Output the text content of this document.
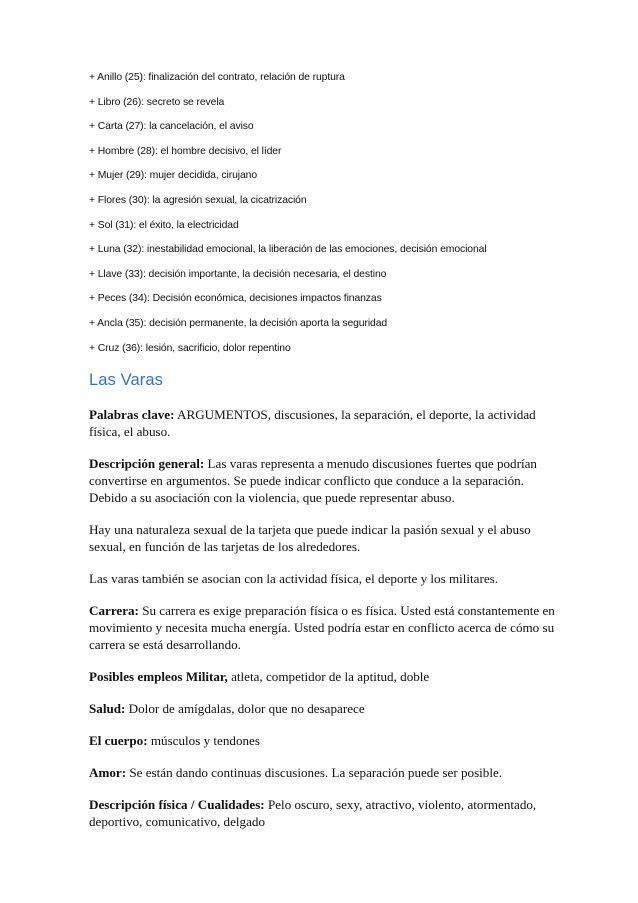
+ Anillo (25): finalización del contrato, relación de ruptura
+ Libro (26): secreto se revela
+ Carta (27): la cancelación, el aviso
+ Hombre (28): el hombre decisivo, el líder
+ Mujer (29): mujer decidida, cirujano
+ Flores (30): la agresión sexual, la cicatrización
+ Sol (31): el éxito, la electricidad
+ Luna (32): inestabilidad emocional, la liberación de las emociones, decisión emocional
+ Llave (33): decisión importante, la decisión necesaria, el destino
+ Peces (34): Decisión económica, decisiones impactos finanzas
+ Ancla (35): decisión permanente, la decisión aporta la seguridad
+ Cruz (36): lesión, sacrificio, dolor repentino
Las Varas

Palabras clave: ARGUMENTOS, discusiones, la separación, el deporte, la actividad física, el abuso.

Descripción general: Las varas representa a menudo discusiones fuertes que podrían convertirse en argumentos. Se puede indicar conflicto que conduce a la separación. Debido a su asociación con la violencia, que puede representar abuso.

Hay una naturaleza sexual de la tarjeta que puede indicar la pasión sexual y el abuso sexual, en función de las tarjetas de los alrededores.

Las varas también se asocian con la actividad física, el deporte y los militares.

Carrera: Su carrera es exige preparación física o es física. Usted está constantemente en movimiento y necesita mucha energía. Usted podría estar en conflicto acerca de cómo su carrera se está desarrollando.

Posibles empleos Militar, atleta, competidor de la aptitud, doble

Salud: Dolor de amígdalas, dolor que no desaparece

El cuerpo: músculos y tendones

Amor: Se están dando continuas discusiones. La separación puede ser posible.

Descripción física / Cualidades: Pelo oscuro, sexy, atractivo, violento, atormentado, deportivo, comunicativo, delgado
